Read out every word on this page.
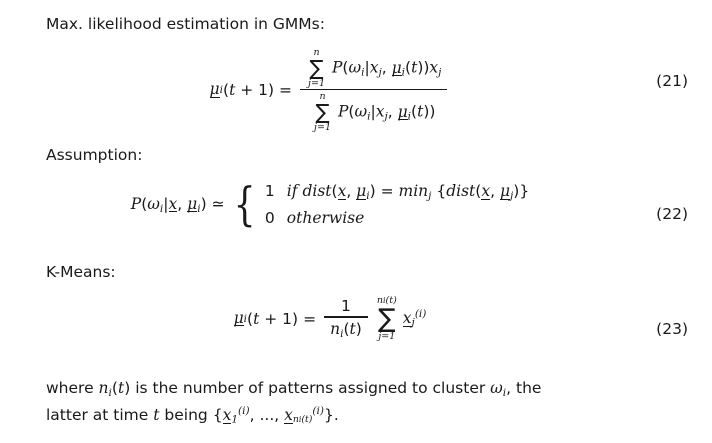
Max. likelihood estimation in GMMs:
μ i ( t + 1) =
n
∑
j=1
$P(\omega_i|x_j$, $\mu_i(t))x_j$
n
∑
j=1
$P(\omega_i|x_j$, $\mu_i(t)$)
(21)
Assumption:
$P(\omega_i|x$, $\mu_i$) ≃ { 1 if dist(x, $\mu_i) = \min_j$ {dist(x, $\mu_j$)}
0 otherwise	(22)
K-Means:
μ i ( $t + 1) = \frac{1}{n_i(t)} ni(t)$
∑
j=1
$x_j^{(i)}$
(23)
where $n_i(t)$ is the number of patterns assigned to cluster $\omega_i$, the
latter at time t being {$x_1^{(i)}$, ..., $x_{ni(t)}^{(i)}$}.
